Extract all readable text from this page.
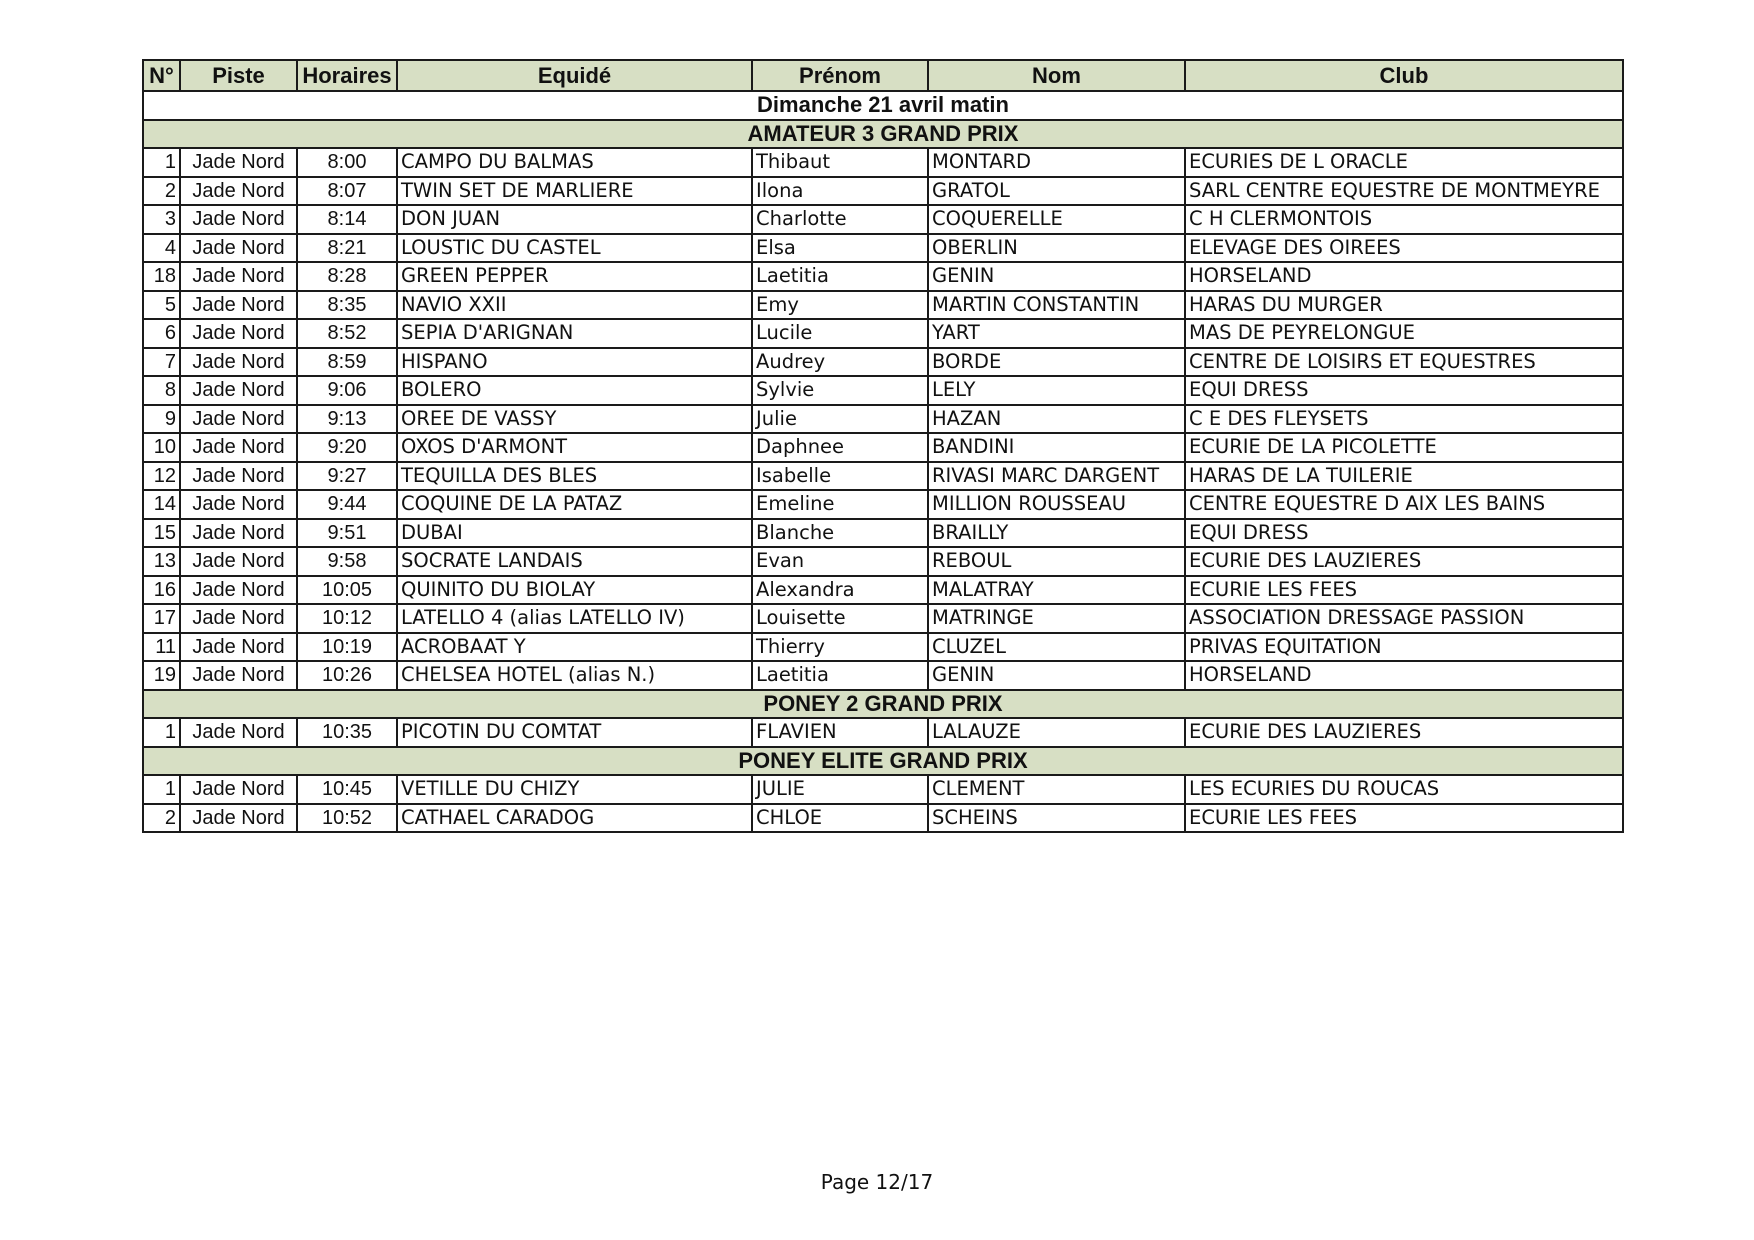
N°	Piste	Horaires	Equidé	Prénom	Nom	Club
Dimanche 21 avril matin						
AMATEUR 3 GRAND PRIX						
1	Jade Nord	8:00	CAMPO DU BALMAS	Thibaut	MONTARD	ECURIES DE L ORACLE
2	Jade Nord	8:07	TWIN SET DE MARLIERE	Ilona	GRATOL	SARL CENTRE EQUESTRE DE MONTMEYRE
3	Jade Nord	8:14	DON JUAN	Charlotte	COQUERELLE	C H CLERMONTOIS
4	Jade Nord	8:21	LOUSTIC DU CASTEL	Elsa	OBERLIN	ELEVAGE DES OIREES
18	Jade Nord	8:28	GREEN PEPPER	Laetitia	GENIN	HORSELAND
5	Jade Nord	8:35	NAVIO XXII	Emy	MARTIN CONSTANTIN	HARAS DU MURGER
6	Jade Nord	8:52	SEPIA D'ARIGNAN	Lucile	YART	MAS DE PEYRELONGUE
7	Jade Nord	8:59	HISPANO	Audrey	BORDE	CENTRE DE LOISIRS ET EQUESTRES
8	Jade Nord	9:06	BOLERO	Sylvie	LELY	EQUI DRESS
9	Jade Nord	9:13	OREE DE VASSY	Julie	HAZAN	C E DES FLEYSETS
10	Jade Nord	9:20	OXOS D'ARMONT	Daphnee	BANDINI	ECURIE DE LA PICOLETTE
12	Jade Nord	9:27	TEQUILLA DES BLES	Isabelle	RIVASI MARC DARGENT	HARAS DE LA TUILERIE
14	Jade Nord	9:44	COQUINE DE LA PATAZ	Emeline	MILLION ROUSSEAU	CENTRE EQUESTRE D AIX LES BAINS
15	Jade Nord	9:51	DUBAI	Blanche	BRAILLY	EQUI DRESS
13	Jade Nord	9:58	SOCRATE LANDAIS	Evan	REBOUL	ECURIE DES LAUZIERES
16	Jade Nord	10:05	QUINITO DU BIOLAY	Alexandra	MALATRAY	ECURIE LES FEES
17	Jade Nord	10:12	LATELLO 4 (alias LATELLO IV)	Louisette	MATRINGE	ASSOCIATION DRESSAGE PASSION
11	Jade Nord	10:19	ACROBAAT Y	Thierry	CLUZEL	PRIVAS EQUITATION
19	Jade Nord	10:26	CHELSEA HOTEL (alias N.)	Laetitia	GENIN	HORSELAND
PONEY 2 GRAND PRIX						
1	Jade Nord	10:35	PICOTIN DU COMTAT	FLAVIEN	LALAUZE	ECURIE DES LAUZIERES
PONEY ELITE GRAND PRIX						
1	Jade Nord	10:45	VETILLE DU CHIZY	JULIE	CLEMENT	LES ECURIES DU ROUCAS
2	Jade Nord	10:52	CATHAEL CARADOG	CHLOE	SCHEINS	ECURIE LES FEES
Page 12/17
